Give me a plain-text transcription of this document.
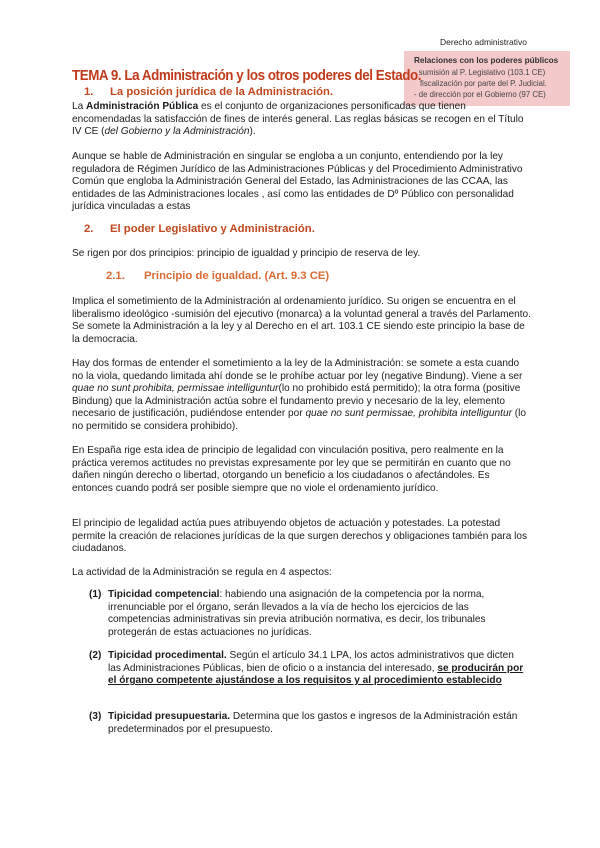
Derecho administrativo
Relaciones con los poderes públicos
- sumisión al P. Legislativo (103.1 CE)
fiscalización por parte del P. Judicial.
- de dirección por el Gobierno (97 CE)
TEMA 9. La Administración y los otros poderes del Estado.
1. La posición jurídica de la Administración.

La Administración Pública es el conjunto de organizaciones personificadas que tienen encomendadas la satisfacción de fines de interés general. Las reglas básicas se recogen en el Título IV CE (del Gobierno y la Administración).

Aunque se hable de Administración en singular se engloba a un conjunto, entendiendo por la ley reguladora de Régimen Jurídico de las Administraciones Públicas y del Procedimiento Administrativo Común que engloba la Administración General del Estado, las Administraciones de las CCAA, las entidades de las Administraciones locales , así como las entidades de Dº Público con personalidad jurídica vinculadas a estas

2. El poder Legislativo y Administración.

Se rigen por dos principios: principio de igualdad y principio de reserva de ley.

2.1. Principio de igualdad. (Art. 9.3 CE)

Implica el sometimiento de la Administración al ordenamiento jurídico. Su origen se encuentra en el liberalismo ideológico -sumisión del ejecutivo (monarca) a la voluntad general a través del Parlamento. Se somete la Administración a la ley y al Derecho en el art. 103.1 CE siendo este principio la base de la democracia.

Hay dos formas de entender el sometimiento a la ley de la Administración: se somete a esta cuando no la viola, quedando limitada ahí donde se le prohíbe actuar por ley (negative Bindung). Viene a ser quae no sunt prohibita, permissae intelliguntur(lo no prohibido está permitido); la otra forma (positive Bindung) que la Administración actúa sobre el fundamento previo y necesario de la ley, elemento necesario de justificación, pudiéndose entender por quae no sunt permissae, prohibita intelliguntur (lo no permitido se considera prohibido).

En España rige esta idea de principio de legalidad con vinculación positiva, pero realmente en la práctica veremos actitudes no previstas expresamente por ley que se permitirán en cuanto que no dañen ningún derecho o libertad, otorgando un beneficio a los ciudadanos o afectándoles. Es entonces cuando podrá ser posible siempre que no viole el ordenamiento jurídico.

El principio de legalidad actúa pues atribuyendo objetos de actuación y potestades. La potestad permite la creación de relaciones jurídicas de la que surgen derechos y obligaciones también para los ciudadanos.

La actividad de la Administración se regula en 4 aspectos:

(1) Tipicidad competencial: habiendo una asignación de la competencia por la norma, irrenunciable por el órgano, serán llevados a la vía de hecho los ejercicios de las competencias administrativas sin previa atribución normativa, es decir, los tribunales protegerán de estas actuaciones no jurídicas.
(2) Tipicidad procedimental. Según el artículo 34.1 LPA, los actos administrativos que dicten las Administraciones Públicas, bien de oficio o a instancia del interesado, se producirán por el órgano competente ajustándose a los requisitos y al procedimiento establecido
(3) Tipicidad presupuestaria. Determina que los gastos e ingresos de la Administración están predeterminados por el presupuesto.
